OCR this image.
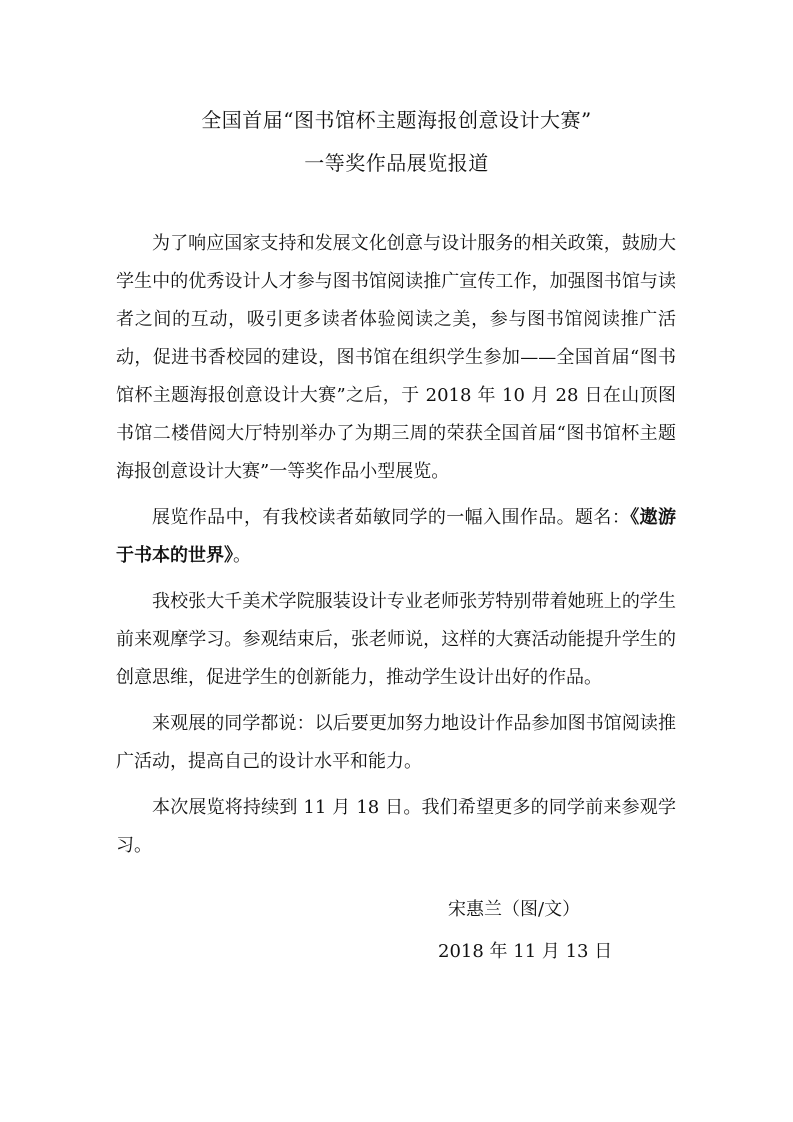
全国首届“图书馆杯主题海报创意设计大赛”
一等奖作品展览报道

为了响应国家支持和发展文化创意与设计服务的相关政策，鼓励大学生中的优秀设计人才参与图书馆阅读推广宣传工作，加强图书馆与读者之间的互动，吸引更多读者体验阅读之美，参与图书馆阅读推广活动，促进书香校园的建设，图书馆在组织学生参加——全国首届“图书馆杯主题海报创意设计大赛”之后，于 2018 年 10 月 28 日在山顶图书馆二楼借阅大厅特别举办了为期三周的荣获全国首届“图书馆杯主题海报创意设计大赛”一等奖作品小型展览。

展览作品中，有我校读者茹敏同学的一幅入围作品。题名：《遨游于书本的世界》。

我校张大千美术学院服装设计专业老师张芳特别带着她班上的学生前来观摩学习。参观结束后，张老师说，这样的大赛活动能提升学生的创意思维，促进学生的创新能力，推动学生设计出好的作品。

来观展的同学都说：以后要更加努力地设计作品参加图书馆阅读推广活动，提高自己的设计水平和能力。

本次展览将持续到 11 月 18 日。我们希望更多的同学前来参观学习。

宋惠兰（图/文）
2018 年 11 月 13 日
